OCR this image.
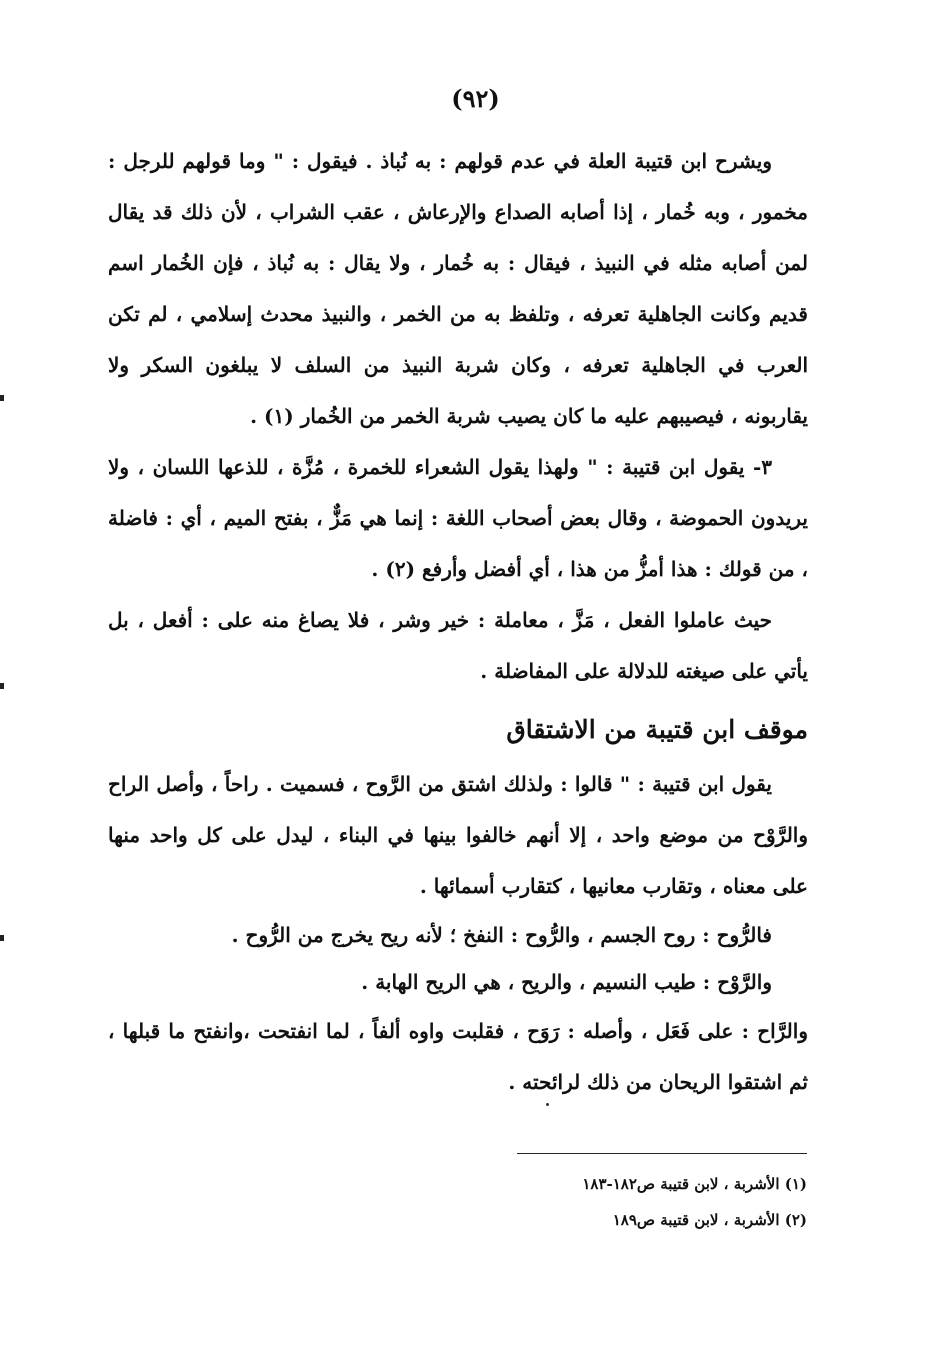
(٩٢)

ويشرح ابن قتيبة العلة في عدم قولهم : به نُباذ . فيقول : " وما قولهم للرجل : مخمور ، وبه خُمار ، إذا أصابه الصداع والإرعاش ، عقب الشراب ، لأن ذلك قد يقال لمن أصابه مثله في النبيذ ، فيقال : به خُمار ، ولا يقال : به نُباذ ، فإن الخُمار اسم قديم وكانت الجاهلية تعرفه ، وتلفظ به من الخمر ، والنبيذ محدث إسلامي ، لم تكن العرب في الجاهلية تعرفه ، وكان شربة النبيذ من السلف لا يبلغون السكر ولا يقاربونه ، فيصيبهم عليه ما كان يصيب شربة الخمر من الخُمار (١) .

٣- يقول ابن قتيبة : " ولهذا يقول الشعراء للخمرة ، مُزَّة ، للذعها اللسان ، ولا يريدون الحموضة ، وقال بعض أصحاب اللغة : إنما هي مَزٌّ ، بفتح الميم ، أي : فاضلة ، من قولك : هذا أمزُّ من هذا ، أي أفضل وأرفع (٢) .

حيث عاملوا الفعل ، مَزَّ ، معاملة : خير وشر ، فلا يصاغ منه على : أفعل ، بل يأتي على صيغته للدلالة على المفاضلة .

موقف ابن قتيبة من الاشتقاق

يقول ابن قتيبة : " قالوا : ولذلك اشتق من الرَّوح ، فسميت . راحاً ، وأصل الراح والرَّوْح من موضع واحد ، إلا أنهم خالفوا بينها في البناء ، ليدل على كل واحد منها على معناه ، وتقارب معانيها ، كتقارب أسمائها .

فالرُّوح : روح الجسم ، والرُّوح : النفخ ؛ لأنه ريح يخرج من الرُّوح .

والرَّوْح : طيب النسيم ، والريح ، هي الريح الهابة .

والرَّاح : على فَعَل ، وأصله : رَوَح ، فقلبت واوه ألفاً ، لما انفتحت ،وانفتح ما قبلها ، ثم اشتقوا الريحان من ذلك لرائحته .

(١) الأشربة ، لابن قتيبة ص١٨٢-١٨٣

(٢) الأشربة ، لابن قتيبة ص١٨٩
